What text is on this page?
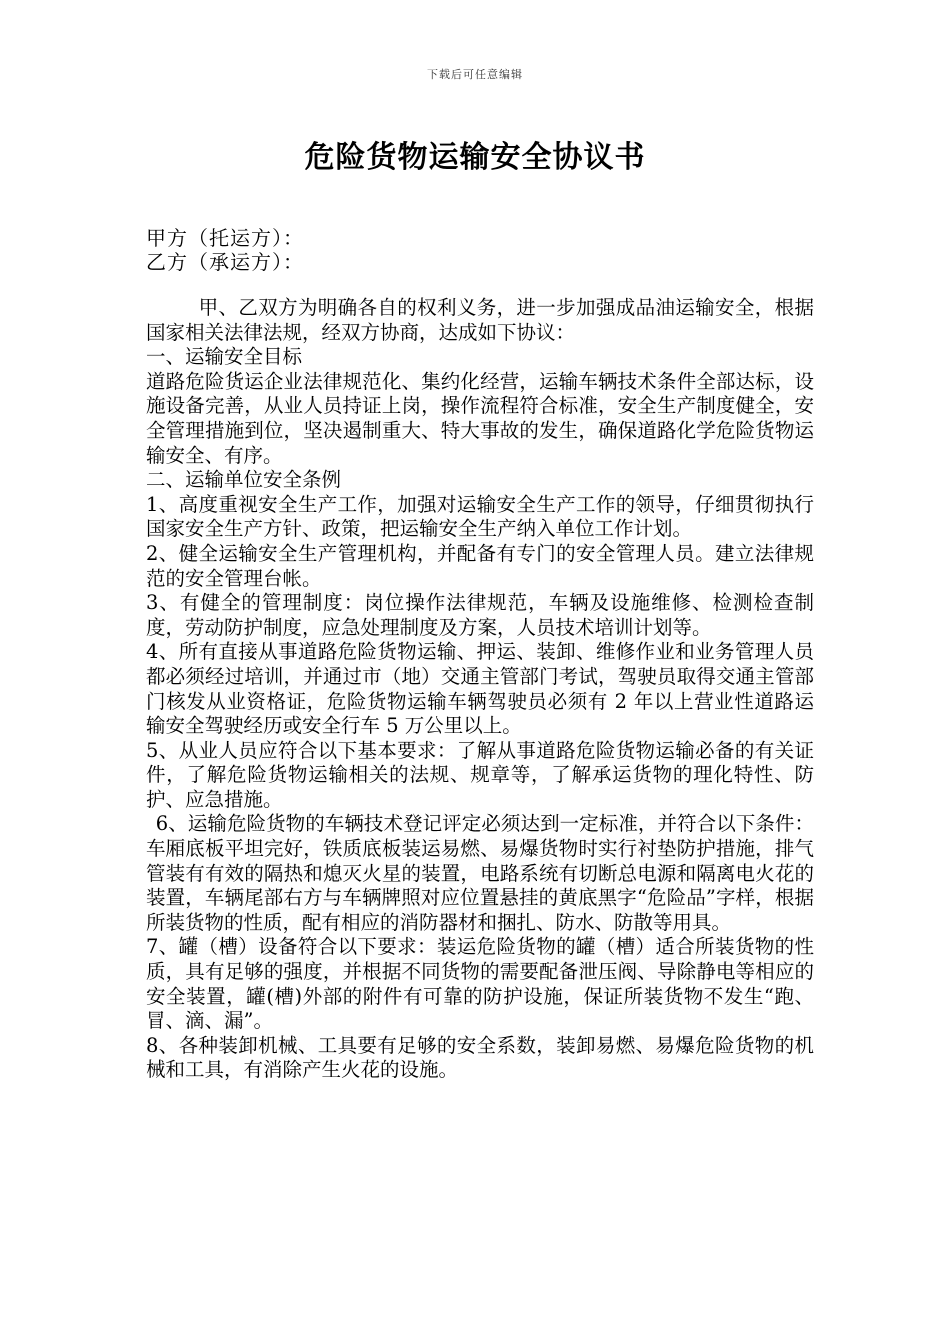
下载后可任意编辑
危险货物运输安全协议书
甲方（托运方）：
乙方（承运方）：

甲、乙双方为明确各自的权利义务，进一步加强成品油运输安全，根据国家相关法律法规，经双方协商，达成如下协议：

一、运输安全目标

道路危险货运企业法律规范化、集约化经营，运输车辆技术条件全部达标，设施设备完善，从业人员持证上岗，操作流程符合标准，安全生产制度健全，安全管理措施到位，坚决遏制重大、特大事故的发生，确保道路化学危险货物运输安全、有序。

二、运输单位安全条例

1、高度重视安全生产工作，加强对运输安全生产工作的领导，仔细贯彻执行国家安全生产方针、政策，把运输安全生产纳入单位工作计划。

2、健全运输安全生产管理机构，并配备有专门的安全管理人员。建立法律规范的安全管理台帐。

3、有健全的管理制度：岗位操作法律规范，车辆及设施维修、检测检查制度，劳动防护制度，应急处理制度及方案，人员技术培训计划等。

4、所有直接从事道路危险货物运输、押运、装卸、维修作业和业务管理人员都必须经过培训，并通过市（地）交通主管部门考试，驾驶员取得交通主管部门核发从业资格证，危险货物运输车辆驾驶员必须有 2 年以上营业性道路运输安全驾驶经历或安全行车 5 万公里以上。

5、从业人员应符合以下基本要求：了解从事道路危险货物运输必备的有关证件，了解危险货物运输相关的法规、规章等，了解承运货物的理化特性、防护、应急措施。

6、运输危险货物的车辆技术登记评定必须达到一定标准，并符合以下条件：车厢底板平坦完好，铁质底板装运易燃、易爆货物时实行衬垫防护措施，排气管装有有效的隔热和熄灭火星的装置，电路系统有切断总电源和隔离电火花的装置，车辆尾部右方与车辆牌照对应位置悬挂的黄底黑字“危险品”字样，根据所装货物的性质，配有相应的消防器材和捆扎、防水、防散等用具。

7、罐（槽）设备符合以下要求：装运危险货物的罐（槽）适合所装货物的性质，具有足够的强度，并根据不同货物的需要配备泄压阀、导除静电等相应的安全装置，罐(槽)外部的附件有可靠的防护设施，保证所装货物不发生“跑、冒、滴、漏”。

8、各种装卸机械、工具要有足够的安全系数，装卸易燃、易爆危险货物的机械和工具，有消除产生火花的设施。
